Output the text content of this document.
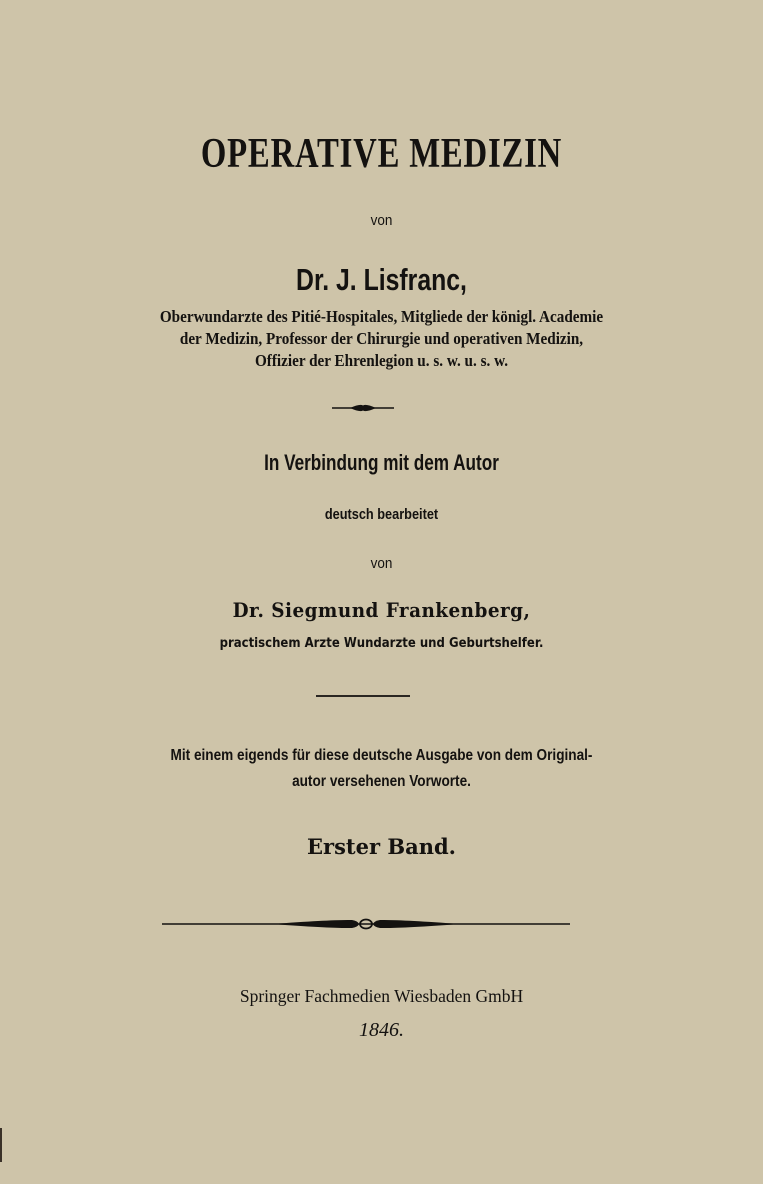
OPERATIVE MEDIZIN
von
Dr. J. Lisfranc,
Oberwundarzte des Pitié-Hospitales, Mitgliede der königl. Academie
der Medizin, Professor der Chirurgie und operativen Medizin,
Offizier der Ehrenlegion u. s. w. u. s. w.
In Verbindung mit dem Autor
deutsch bearbeitet
von
Dr. Siegmund Frankenberg,
practischem Arzte Wundarzte und Geburtshelfer.
Mit einem eigends für diese deutsche Ausgabe von dem Original-
autor versehenen Vorworte.
Erster Band.
Springer Fachmedien Wiesbaden GmbH
1846.
